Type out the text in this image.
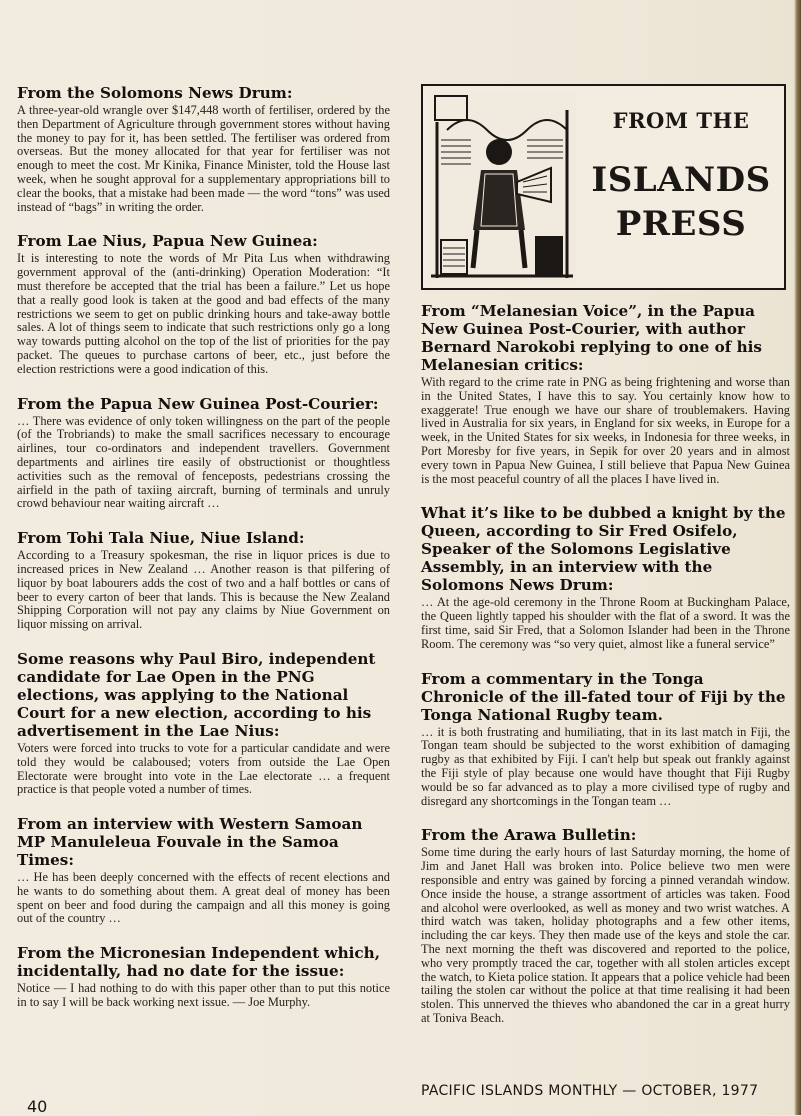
From the Solomons News Drum:

A three-year-old wrangle over $147,448 worth of fertiliser, ordered by the then Department of Agriculture through government stores without having the money to pay for it, has been settled. The fertiliser was ordered from overseas. But the money allocated for that year for fertiliser was not enough to meet the cost. Mr Kinika, Finance Minister, told the House last week, when he sought approval for a supplementary appropriations bill to clear the books, that a mistake had been made — the word “tons” was used instead of “bags” in writing the order.

From Lae Nius, Papua New Guinea:

It is interesting to note the words of Mr Pita Lus when withdrawing government approval of the (anti-drinking) Operation Moderation: “It must therefore be accepted that the trial has been a failure.” Let us hope that a really good look is taken at the good and bad effects of the many restrictions we seem to get on public drinking hours and take-away bottle sales. A lot of things seem to indicate that such restrictions only go a long way towards putting alcohol on the top of the list of priorities for the pay packet. The queues to purchase cartons of beer, etc., just before the election restrictions were a good indication of this.

From the Papua New Guinea Post-Courier:

… There was evidence of only token willingness on the part of the people (of the Trobriands) to make the small sacrifices necessary to encourage airlines, tour co-ordinators and independent travellers. Government departments and airlines tire easily of obstructionist or thoughtless activities such as the removal of fenceposts, pedestrians crossing the airfield in the path of taxiing aircraft, burning of terminals and unruly crowd behaviour near waiting aircraft …

From Tohi Tala Niue, Niue Island:

According to a Treasury spokesman, the rise in liquor prices is due to increased prices in New Zealand … Another reason is that pilfering of liquor by boat labourers adds the cost of two and a half bottles or cans of beer to every carton of beer that lands. This is because the New Zealand Shipping Corporation will not pay any claims by Niue Government on liquor missing on arrival.

Some reasons why Paul Biro, independent candidate for Lae Open in the PNG elections, was applying to the National Court for a new election, according to his advertisement in the Lae Nius:

Voters were forced into trucks to vote for a particular candidate and were told they would be calaboused; voters from outside the Lae Open Electorate were brought into vote in the Lae electorate … a frequent practice is that people voted a number of times.

From an interview with Western Samoan MP Manuleleua Fouvale in the Samoa Times:

… He has been deeply concerned with the effects of recent elections and he wants to do something about them. A great deal of money has been spent on beer and food during the campaign and all this money is going out of the country …

From the Micronesian Independent which, incidentally, had no date for the issue:

Notice — I had nothing to do with this paper other than to put this notice in to say I will be back working next issue. — Joe Murphy.

FROM THE
ISLANDS
PRESS
From “Melanesian Voice”, in the Papua New Guinea Post-Courier, with author Bernard Narokobi replying to one of his Melanesian critics:

With regard to the crime rate in PNG as being frightening and worse than in the United States, I have this to say. You certainly know how to exaggerate! True enough we have our share of troublemakers. Having lived in Australia for six years, in England for six weeks, in Europe for a week, in the United States for six weeks, in Indonesia for three weeks, in Port Moresby for five years, in Sepik for over 20 years and in almost every town in Papua New Guinea, I still believe that Papua New Guinea is the most peaceful country of all the places I have lived in.

What it’s like to be dubbed a knight by the Queen, according to Sir Fred Osifelo, Speaker of the Solomons Legislative Assembly, in an interview with the Solomons News Drum:

… At the age-old ceremony in the Throne Room at Buckingham Palace, the Queen lightly tapped his shoulder with the flat of a sword. It was the first time, said Sir Fred, that a Solomon Islander had been in the Throne Room. The ceremony was “so very quiet, almost like a funeral service”

From a commentary in the Tonga Chronicle of the ill-fated tour of Fiji by the Tonga National Rugby team.

… it is both frustrating and humiliating, that in its last match in Fiji, the Tongan team should be subjected to the worst exhibition of damaging rugby as that exhibited by Fiji. I can't help but speak out frankly against the Fiji style of play because one would have thought that Fiji Rugby would be so far advanced as to play a more civilised type of rugby and disregard any shortcomings in the Tongan team …

From the Arawa Bulletin:

Some time during the early hours of last Saturday morning, the home of Jim and Janet Hall was broken into. Police believe two men were responsible and entry was gained by forcing a pinned verandah window. Once inside the house, a strange assortment of articles was taken. Food and alcohol were overlooked, as well as money and two wrist watches. A third watch was taken, holiday photographs and a few other items, including the car keys. They then made use of the keys and stole the car. The next morning the theft was discovered and reported to the police, who very promptly traced the car, together with all stolen articles except the watch, to Kieta police station. It appears that a police vehicle had been tailing the stolen car without the police at that time realising it had been stolen. This unnerved the thieves who abandoned the car in a great hurry at Toniva Beach.

40
PACIFIC ISLANDS MONTHLY — OCTOBER, 1977
